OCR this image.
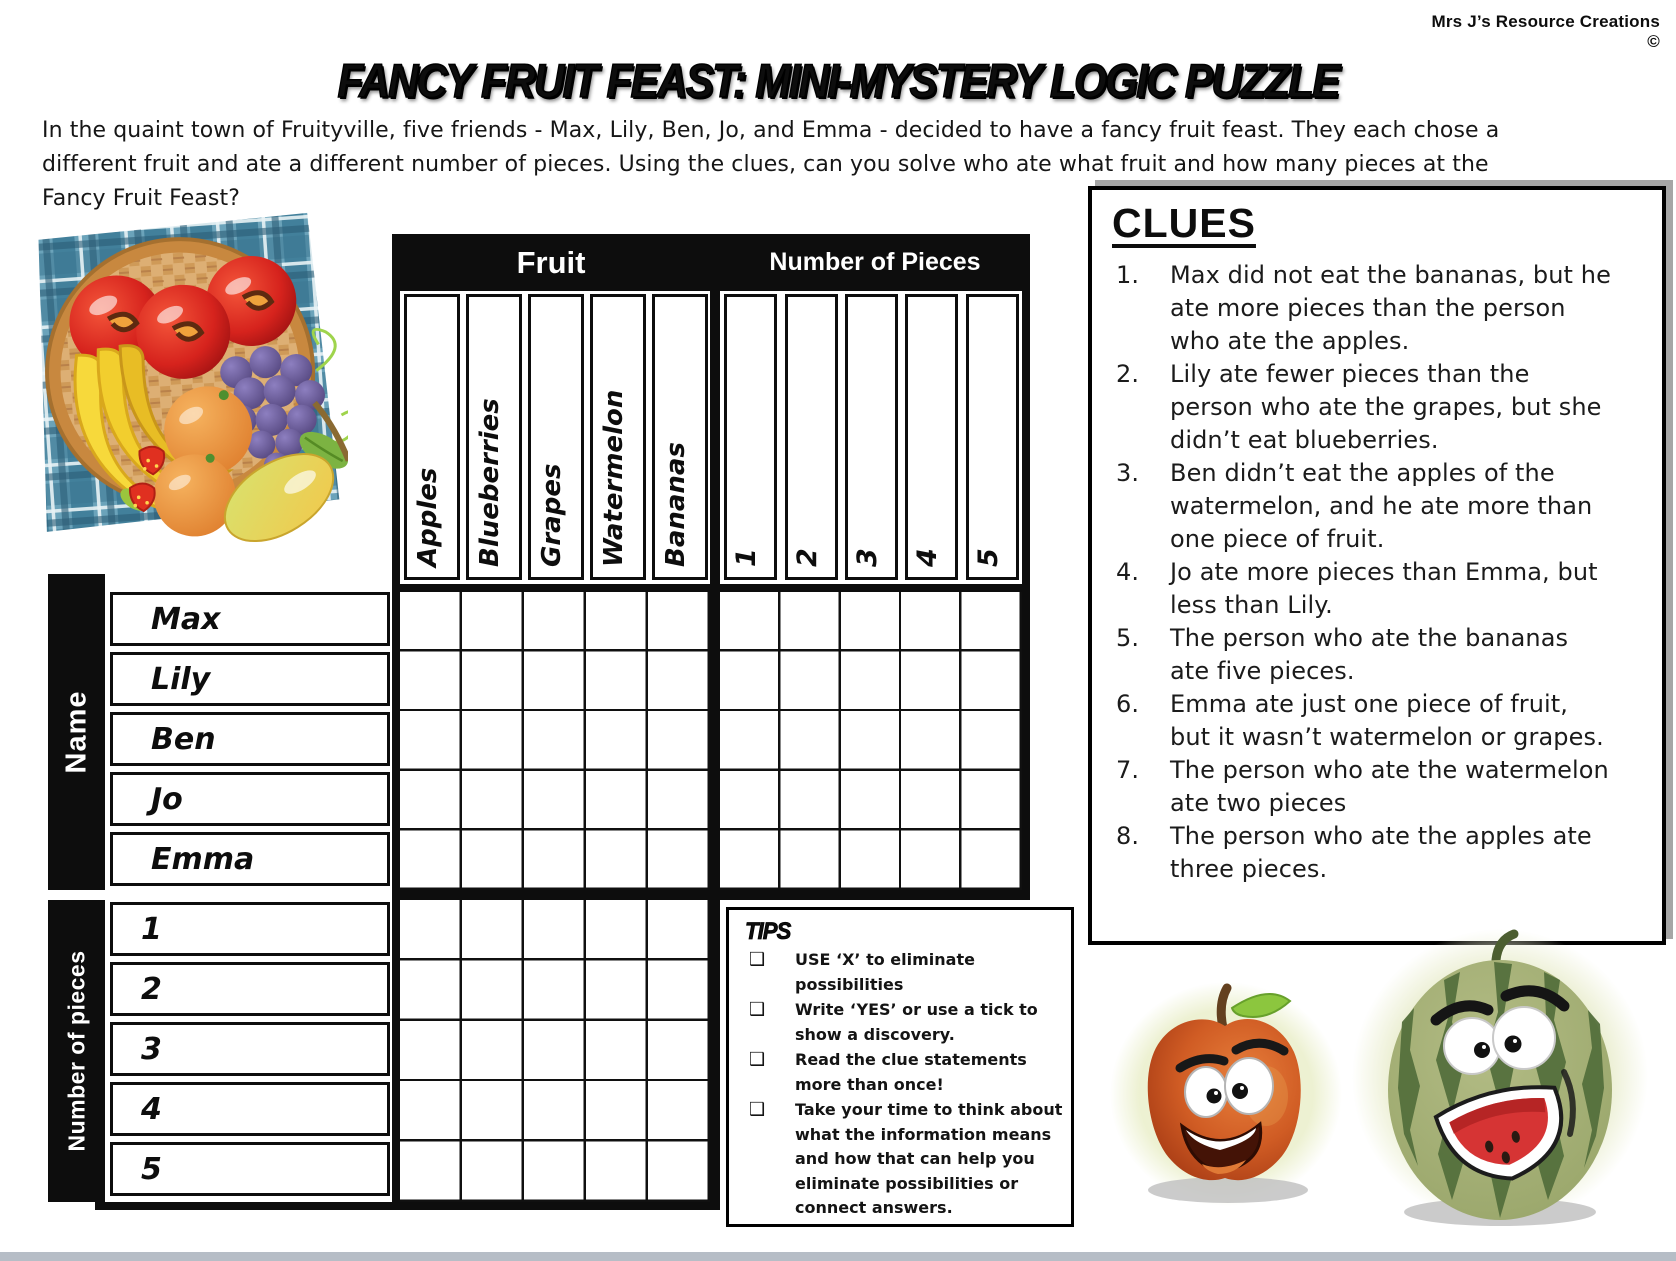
Mrs J’s Resource Creations ©
FANCY FRUIT FEAST: MINI-MYSTERY LOGIC PUZZLE

In the quaint town of Fruityville, five friends - Max, Lily, Ben, Jo, and Emma - decided to have a fancy fruit feast. They each chose a different fruit and ate a different number of pieces. Using the clues, can you solve who ate what fruit and how many pieces at the Fancy Fruit Feast?

Fruit	Number of Pieces
Apples Blueberries Grapes Watermelon Bananas 1 2 3 4 5
Name
Number of pieces
Max
Lily
Ben
Jo
Emma
1
2
3
4
5
TIPS
❑ USE ‘X’ to eliminate possibilities
❑ Write ‘YES’ or use a tick to show a discovery.
❑ Read the clue statements more than once!
❑ Take your time to think about what the information means and how that can help you eliminate possibilities or connect answers.
CLUES
1. Max did not eat the bananas, but he ate more pieces than the person who ate the apples.
2. Lily ate fewer pieces than the person who ate the grapes, but she didn’t eat blueberries.
3. Ben didn’t eat the apples of the watermelon, and he ate more than one piece of fruit.
4. Jo ate more pieces than Emma, but less than Lily.
5. The person who ate the bananas ate five pieces.
6. Emma ate just one piece of fruit, but it wasn’t watermelon or grapes.
7. The person who ate the watermelon ate two pieces
8. The person who ate the apples ate three pieces.
